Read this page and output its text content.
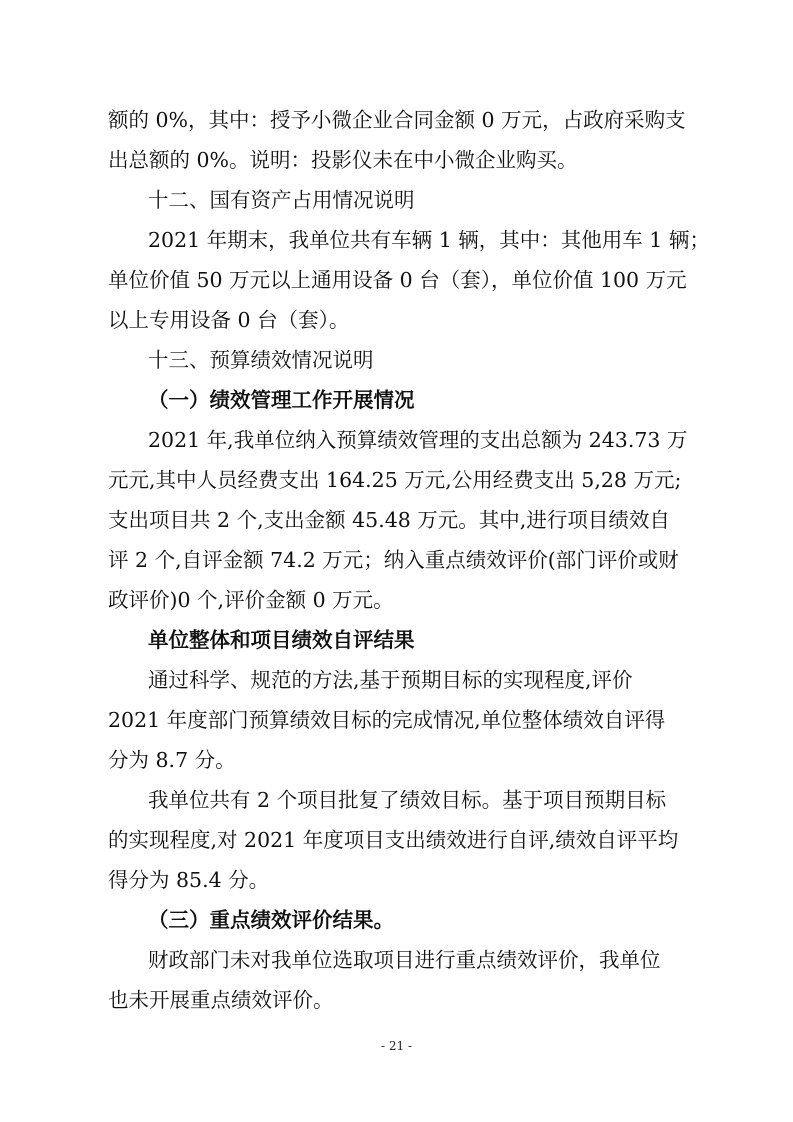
额的 0%，其中：授予小微企业合同金额 0 万元，占政府采购支
出总额的 0%。说明：投影仪未在中小微企业购买。
十二、国有资产占用情况说明
2021 年期末，我单位共有车辆 1 辆，其中：其他用车 1 辆；
单位价值 50 万元以上通用设备 0 台（套），单位价值 100 万元
以上专用设备 0 台（套）。
十三、预算绩效情况说明
（一）绩效管理工作开展情况
2021 年,我单位纳入预算绩效管理的支出总额为 243.73 万
元元,其中人员经费支出 164.25 万元,公用经费支出 5,28 万元;
支出项目共 2 个,支出金额 45.48 万元。其中,进行项目绩效自
评 2 个,自评金额 74.2 万元；纳入重点绩效评价(部门评价或财
政评价)0 个,评价金额 0 万元。
单位整体和项目绩效自评结果
通过科学、规范的方法,基于预期目标的实现程度,评价
2021 年度部门预算绩效目标的完成情况,单位整体绩效自评得
分为 8.7 分。
我单位共有 2 个项目批复了绩效目标。基于项目预期目标
的实现程度,对 2021 年度项目支出绩效进行自评,绩效自评平均
得分为 85.4 分。
（三）重点绩效评价结果。
财政部门未对我单位选取项目进行重点绩效评价，我单位
也未开展重点绩效评价。
- 21 -
